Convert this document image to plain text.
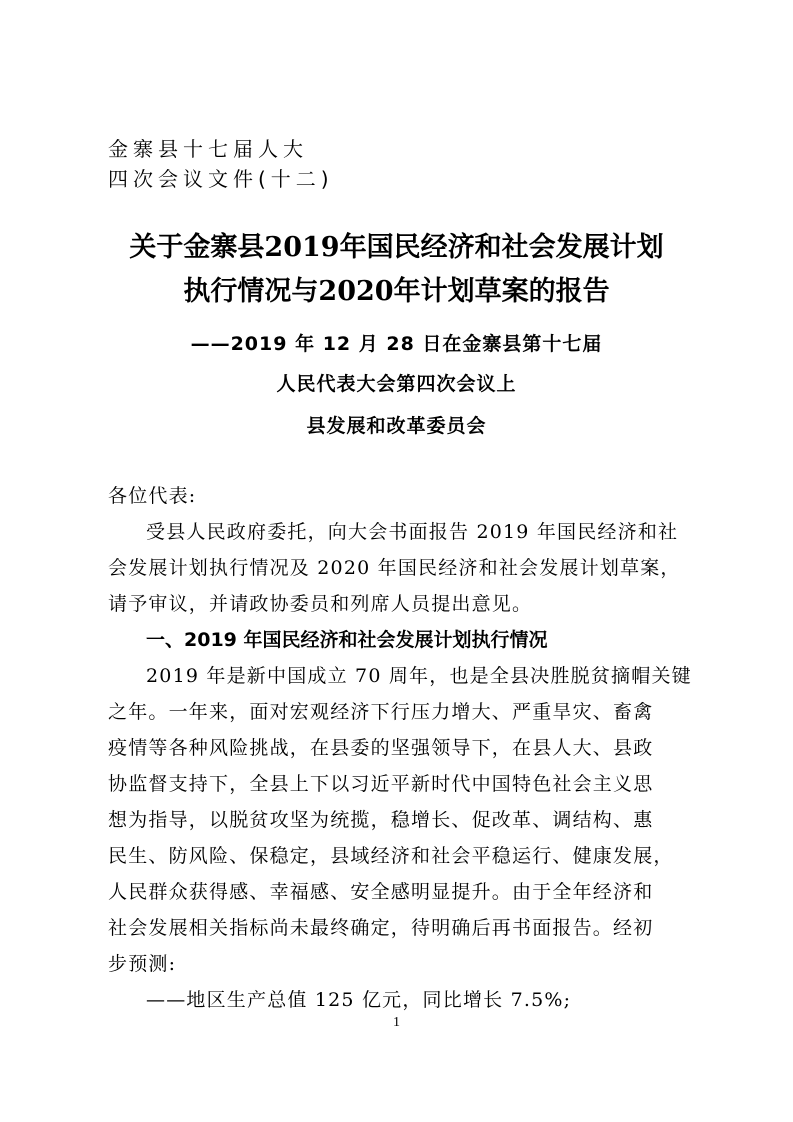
金寨县十七届人大
四次会议文件(十二)
关于金寨县2019年国民经济和社会发展计划
执行情况与2020年计划草案的报告
——2019 年 12 月 28 日在金寨县第十七届
人民代表大会第四次会议上
县发展和改革委员会
各位代表:
受县人民政府委托，向大会书面报告 2019 年国民经济和社
会发展计划执行情况及 2020 年国民经济和社会发展计划草案，
请予审议，并请政协委员和列席人员提出意见。
一、2019 年国民经济和社会发展计划执行情况
2019 年是新中国成立 70 周年，也是全县决胜脱贫摘帽关键
之年。一年来，面对宏观经济下行压力增大、严重旱灾、畜禽
疫情等各种风险挑战，在县委的坚强领导下，在县人大、县政
协监督支持下，全县上下以习近平新时代中国特色社会主义思
想为指导，以脱贫攻坚为统揽，稳增长、促改革、调结构、惠
民生、防风险、保稳定，县域经济和社会平稳运行、健康发展，
人民群众获得感、幸福感、安全感明显提升。由于全年经济和
社会发展相关指标尚未最终确定，待明确后再书面报告。经初
步预测:
——地区生产总值 125 亿元，同比增长 7.5%;
1
